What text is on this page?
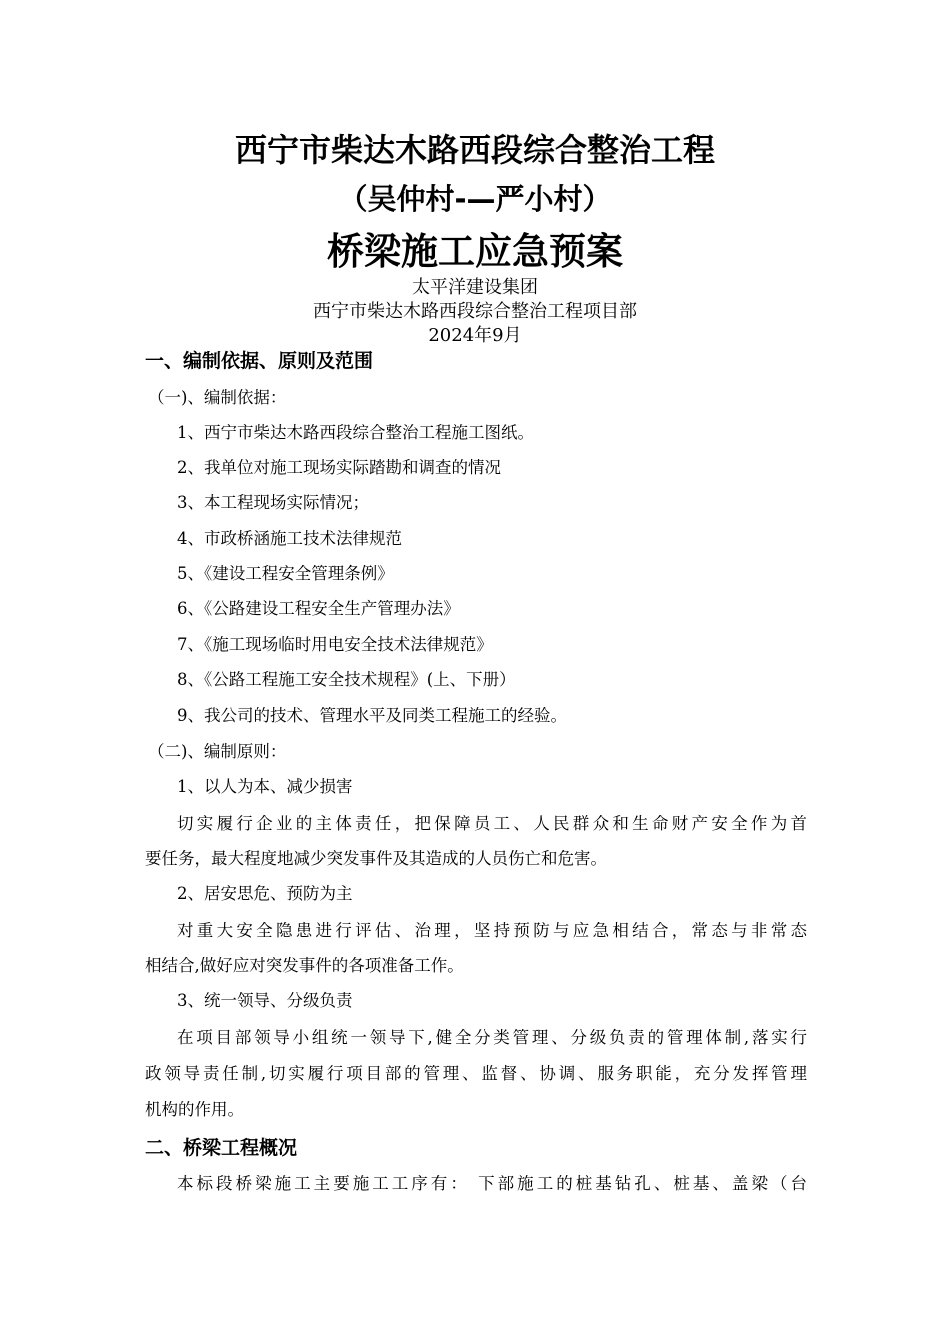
西宁市柴达木路西段综合整治工程
（吴仲村-—严小村）
桥梁施工应急预案
太平洋建设集团
西宁市柴达木路西段综合整治工程项目部
2024年9月
一、编制依据、原则及范围
（一)、编制依据：
1、西宁市柴达木路西段综合整治工程施工图纸。
2、我单位对施工现场实际踏勘和调查的情况
3、本工程现场实际情况；
4、市政桥涵施工技术法律规范
5、《建设工程安全管理条例》
6、《公路建设工程安全生产管理办法》
7、《施工现场临时用电安全技术法律规范》
8、《公路工程施工安全技术规程》(上、下册）
9、我公司的技术、管理水平及同类工程施工的经验。
（二)、编制原则：
1、以人为本、减少损害
切实履行企业的主体责任，把保障员工、人民群众和生命财产安全作为首
要任务，最大程度地减少突发事件及其造成的人员伤亡和危害。
2、居安思危、预防为主
对重大安全隐患进行评估、治理，坚持预防与应急相结合，常态与非常态
相结合,做好应对突发事件的各项准备工作。
3、统一领导、分级负责
在项目部领导小组统一领导下,健全分类管理、分级负责的管理体制,落实行
政领导责任制,切实履行项目部的管理、监督、协调、服务职能，充分发挥管理
机构的作用。
二、桥梁工程概况
本标段桥梁施工主要施工工序有： 下部施工的桩基钻孔、桩基、盖梁（台
